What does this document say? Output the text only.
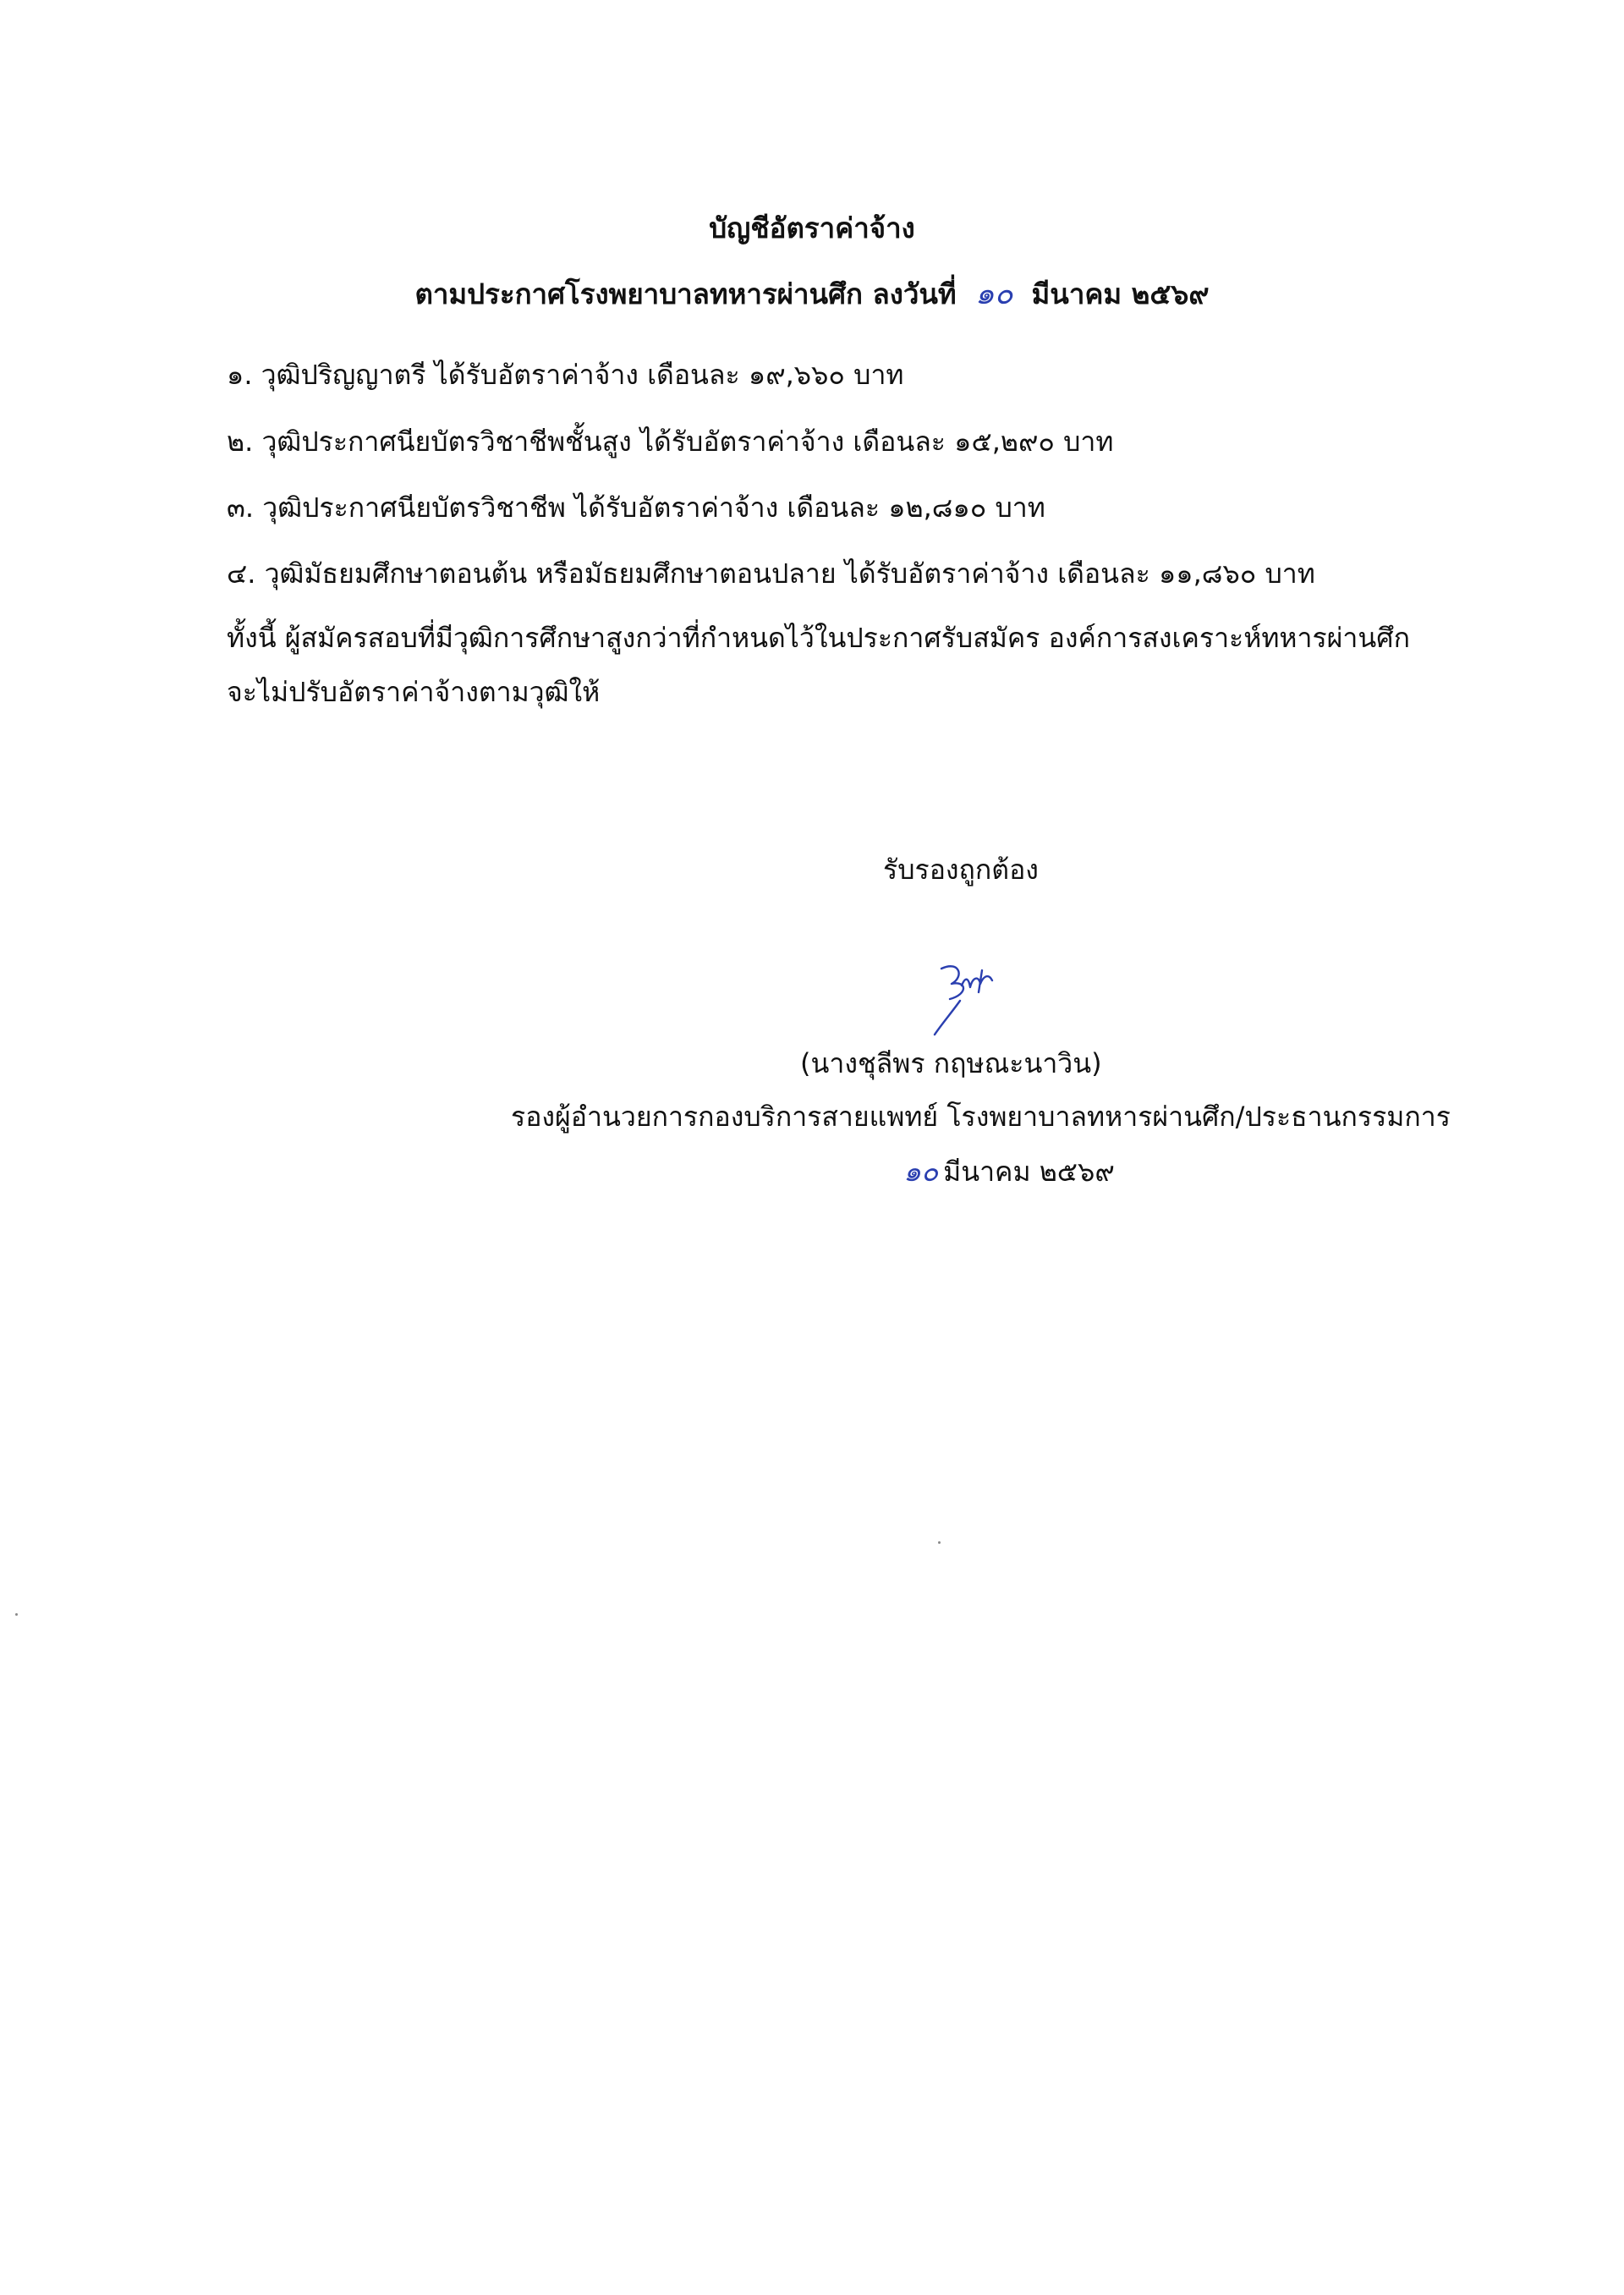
บัญชีอัตราค่าจ้าง
ตามประกาศโรงพยาบาลทหารผ่านศึก ลงวันที่ ๑๐ มีนาคม ๒๕๖๙
๑. วุฒิปริญญาตรี ได้รับอัตราค่าจ้าง เดือนละ ๑๙,๖๖๐ บาท
๒. วุฒิประกาศนียบัตรวิชาชีพชั้นสูง ได้รับอัตราค่าจ้าง เดือนละ ๑๕,๒๙๐ บาท
๓. วุฒิประกาศนียบัตรวิชาชีพ ได้รับอัตราค่าจ้าง เดือนละ ๑๒,๘๑๐ บาท
๔. วุฒิมัธยมศึกษาตอนต้น หรือมัธยมศึกษาตอนปลาย ได้รับอัตราค่าจ้าง เดือนละ ๑๑,๘๖๐ บาท
ทั้งนี้ ผู้สมัครสอบที่มีวุฒิการศึกษาสูงกว่าที่กำหนดไว้ในประกาศรับสมัคร องค์การสงเคราะห์ทหารผ่านศึก
จะไม่ปรับอัตราค่าจ้างตามวุฒิให้
รับรองถูกต้อง
(นางชุลีพร กฤษณะนาวิน)
รองผู้อำนวยการกองบริการสายแพทย์ โรงพยาบาลทหารผ่านศึก/ประธานกรรมการ
๑๐ มีนาคม ๒๕๖๙
